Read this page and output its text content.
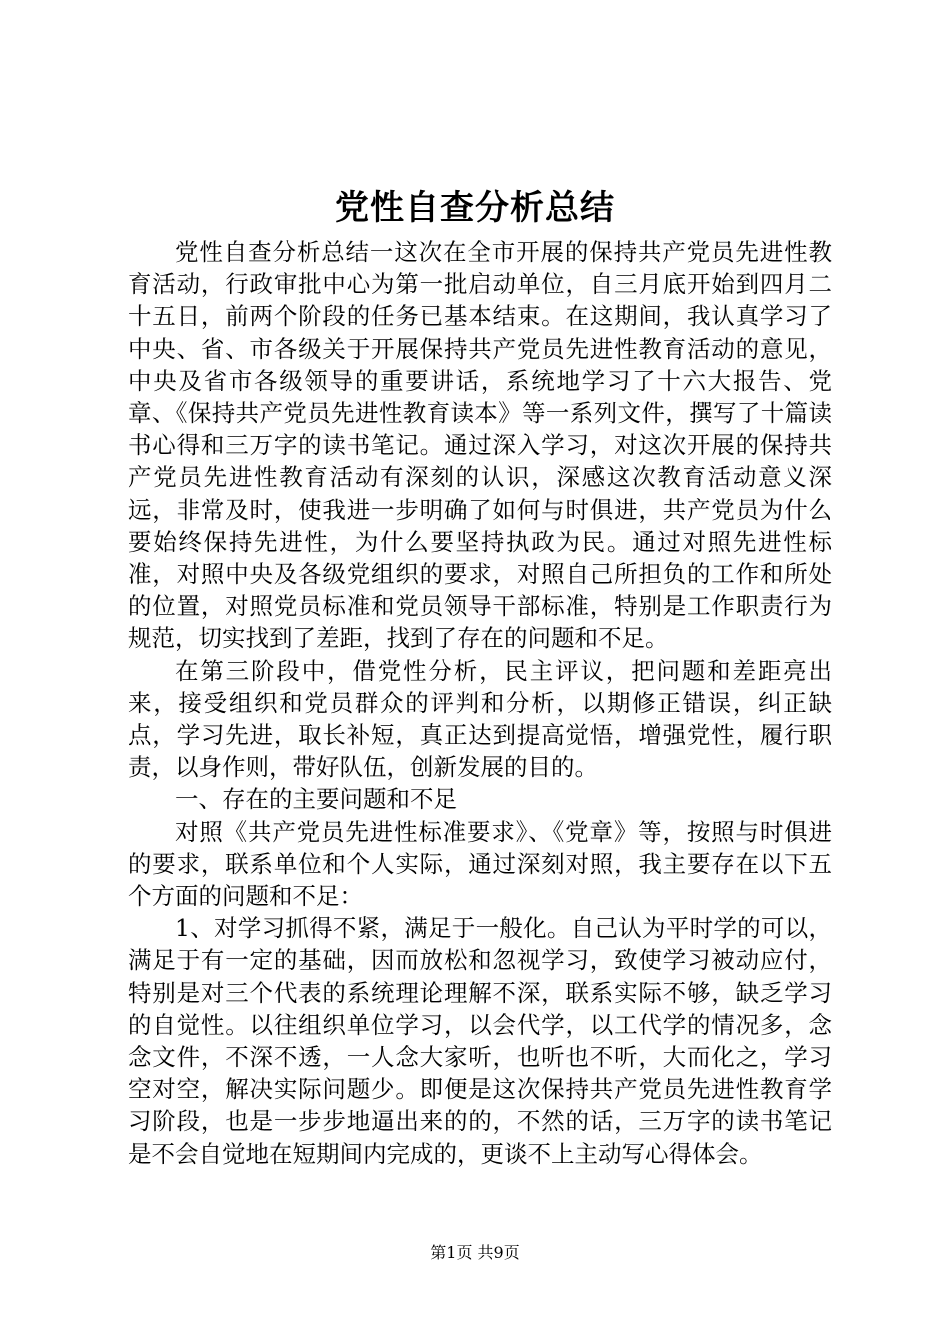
党性自查分析总结

党性自查分析总结一这次在全市开展的保持共产党员先进性教育活动，行政审批中心为第一批启动单位，自三月底开始到四月二十五日，前两个阶段的任务已基本结束。在这期间，我认真学习了中央、省、市各级关于开展保持共产党员先进性教育活动的意见，中央及省市各级领导的重要讲话，系统地学习了十六大报告、党章、《保持共产党员先进性教育读本》等一系列文件，撰写了十篇读书心得和三万字的读书笔记。通过深入学习，对这次开展的保持共产党员先进性教育活动有深刻的认识，深感这次教育活动意义深远，非常及时，使我进一步明确了如何与时俱进，共产党员为什么要始终保持先进性，为什么要坚持执政为民。通过对照先进性标准，对照中央及各级党组织的要求，对照自己所担负的工作和所处的位置，对照党员标准和党员领导干部标准，特别是工作职责行为规范，切实找到了差距，找到了存在的问题和不足。

在第三阶段中，借党性分析，民主评议，把问题和差距亮出来，接受组织和党员群众的评判和分析，以期修正错误，纠正缺点，学习先进，取长补短，真正达到提高觉悟，增强党性，履行职责，以身作则，带好队伍，创新发展的目的。

一、存在的主要问题和不足

对照《共产党员先进性标准要求》、《党章》等，按照与时俱进的要求，联系单位和个人实际，通过深刻对照，我主要存在以下五个方面的问题和不足：

1、对学习抓得不紧，满足于一般化。自己认为平时学的可以，满足于有一定的基础，因而放松和忽视学习，致使学习被动应付，特别是对三个代表的系统理论理解不深，联系实际不够，缺乏学习的自觉性。以往组织单位学习，以会代学，以工代学的情况多，念念文件，不深不透，一人念大家听，也听也不听，大而化之，学习空对空，解决实际问题少。即便是这次保持共产党员先进性教育学习阶段，也是一步步地逼出来的的，不然的话，三万字的读书笔记是不会自觉地在短期间内完成的，更谈不上主动写心得体会。

第1页 共9页
